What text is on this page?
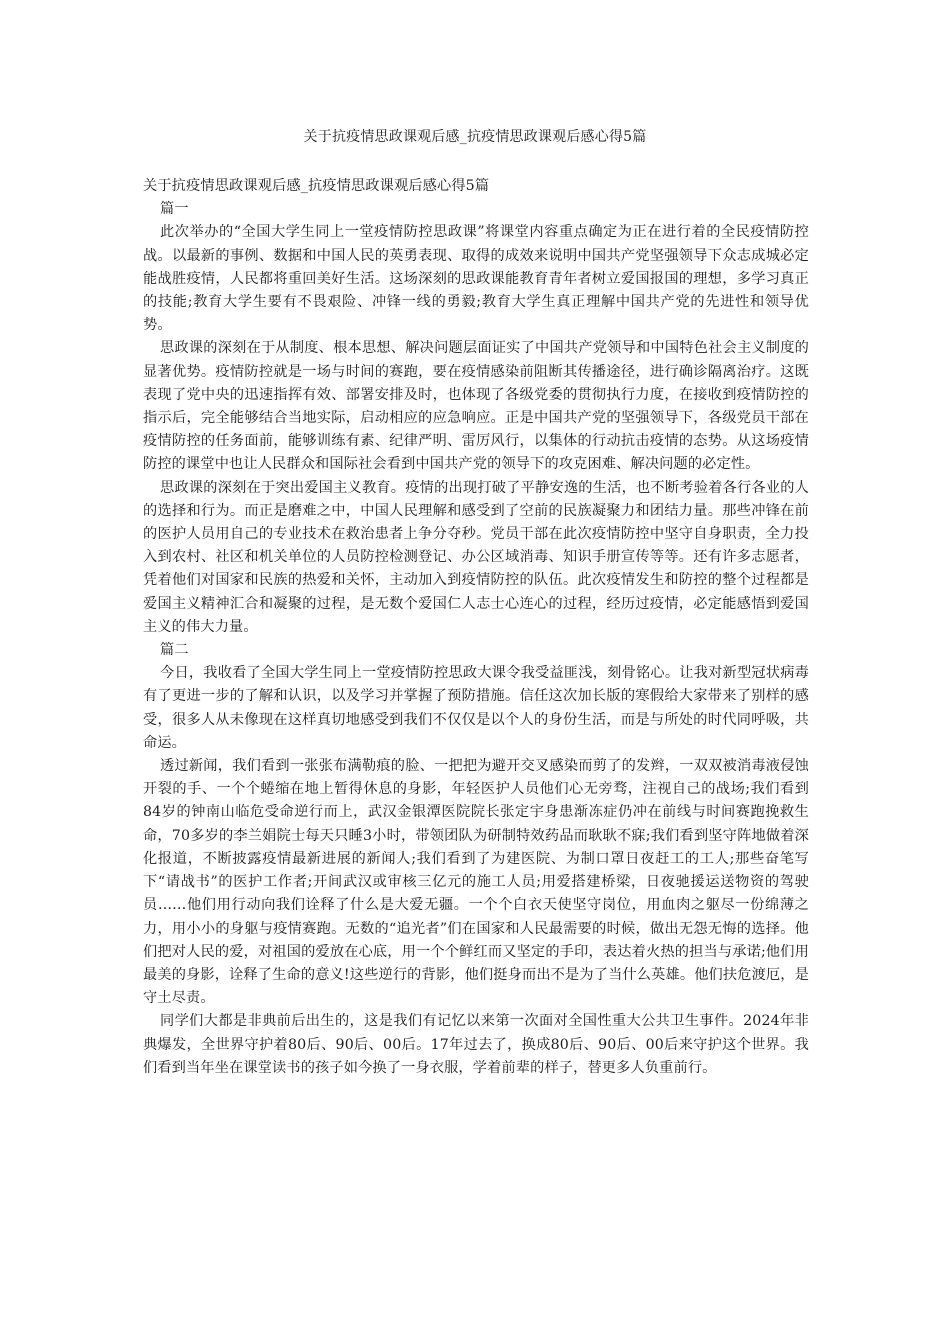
关于抗疫情思政课观后感_抗疫情思政课观后感心得5篇

关于抗疫情思政课观后感_抗疫情思政课观后感心得5篇

篇一

此次举办的“全国大学生同上一堂疫情防控思政课”将课堂内容重点确定为正在进行着的全民疫情防控战。以最新的事例、数据和中国人民的英勇表现、取得的成效来说明中国共产党坚强领导下众志成城必定能战胜疫情，人民都将重回美好生活。这场深刻的思政课能教育青年者树立爱国报国的理想，多学习真正的技能;教育大学生要有不畏艰险、冲锋一线的勇毅;教育大学生真正理解中国共产党的先进性和领导优势。

思政课的深刻在于从制度、根本思想、解决问题层面证实了中国共产党领导和中国特色社会主义制度的显著优势。疫情防控就是一场与时间的赛跑，要在疫情感染前阻断其传播途径，进行确诊隔离治疗。这既表现了党中央的迅速指挥有效、部署安排及时，也体现了各级党委的贯彻执行力度，在接收到疫情防控的指示后，完全能够结合当地实际，启动相应的应急响应。正是中国共产党的坚强领导下，各级党员干部在疫情防控的任务面前，能够训练有素、纪律严明、雷厉风行，以集体的行动抗击疫情的态势。从这场疫情防控的课堂中也让人民群众和国际社会看到中国共产党的领导下的攻克困难、解决问题的必定性。

思政课的深刻在于突出爱国主义教育。疫情的出现打破了平静安逸的生活，也不断考验着各行各业的人的选择和行为。而正是磨难之中，中国人民理解和感受到了空前的民族凝聚力和团结力量。那些冲锋在前的医护人员用自己的专业技术在救治患者上争分夺秒。党员干部在此次疫情防控中坚守自身职责，全力投入到农村、社区和机关单位的人员防控检测登记、办公区域消毒、知识手册宣传等等。还有许多志愿者，凭着他们对国家和民族的热爱和关怀，主动加入到疫情防控的队伍。此次疫情发生和防控的整个过程都是爱国主义精神汇合和凝聚的过程，是无数个爱国仁人志士心连心的过程，经历过疫情，必定能感悟到爱国主义的伟大力量。

篇二

今日，我收看了全国大学生同上一堂疫情防控思政大课令我受益匪浅，刻骨铭心。让我对新型冠状病毒有了更进一步的了解和认识，以及学习并掌握了预防措施。信任这次加长版的寒假给大家带来了别样的感受，很多人从未像现在这样真切地感受到我们不仅仅是以个人的身份生活，而是与所处的时代同呼吸，共命运。

透过新闻，我们看到一张张布满勒痕的脸、一把把为避开交叉感染而剪了的发辫，一双双被消毒液侵蚀开裂的手、一个个蜷缩在地上暂得休息的身影，年轻医护人员他们心无旁骛，注视自己的战场;我们看到84岁的钟南山临危受命逆行而上，武汉金银潭医院院长张定宇身患渐冻症仍冲在前线与时间赛跑挽救生命，70多岁的李兰娟院士每天只睡3小时，带领团队为研制特效药品而耿耿不寐;我们看到坚守阵地做着深化报道，不断披露疫情最新进展的新闻人;我们看到了为建医院、为制口罩日夜赶工的工人;那些奋笔写下“请战书”的医护工作者;开间武汉或审核三亿元的施工人员;用爱搭建桥梁，日夜驰援运送物资的驾驶员……他们用行动向我们诠释了什么是大爱无疆。一个个白衣天使坚守岗位，用血肉之躯尽一份绵薄之力，用小小的身躯与疫情赛跑。无数的“追光者”们在国家和人民最需要的时候，做出无怨无悔的选择。他们把对人民的爱，对祖国的爱放在心底，用一个个鲜红而又坚定的手印，表达着火热的担当与承诺;他们用最美的身影，诠释了生命的意义!这些逆行的背影，他们挺身而出不是为了当什么英雄。他们扶危渡厄，是守土尽责。

同学们大都是非典前后出生的，这是我们有记忆以来第一次面对全国性重大公共卫生事件。2024年非典爆发，全世界守护着80后、90后、00后。17年过去了，换成80后、90后、00后来守护这个世界。我们看到当年坐在课堂读书的孩子如今换了一身衣服，学着前辈的样子，替更多人负重前行。
